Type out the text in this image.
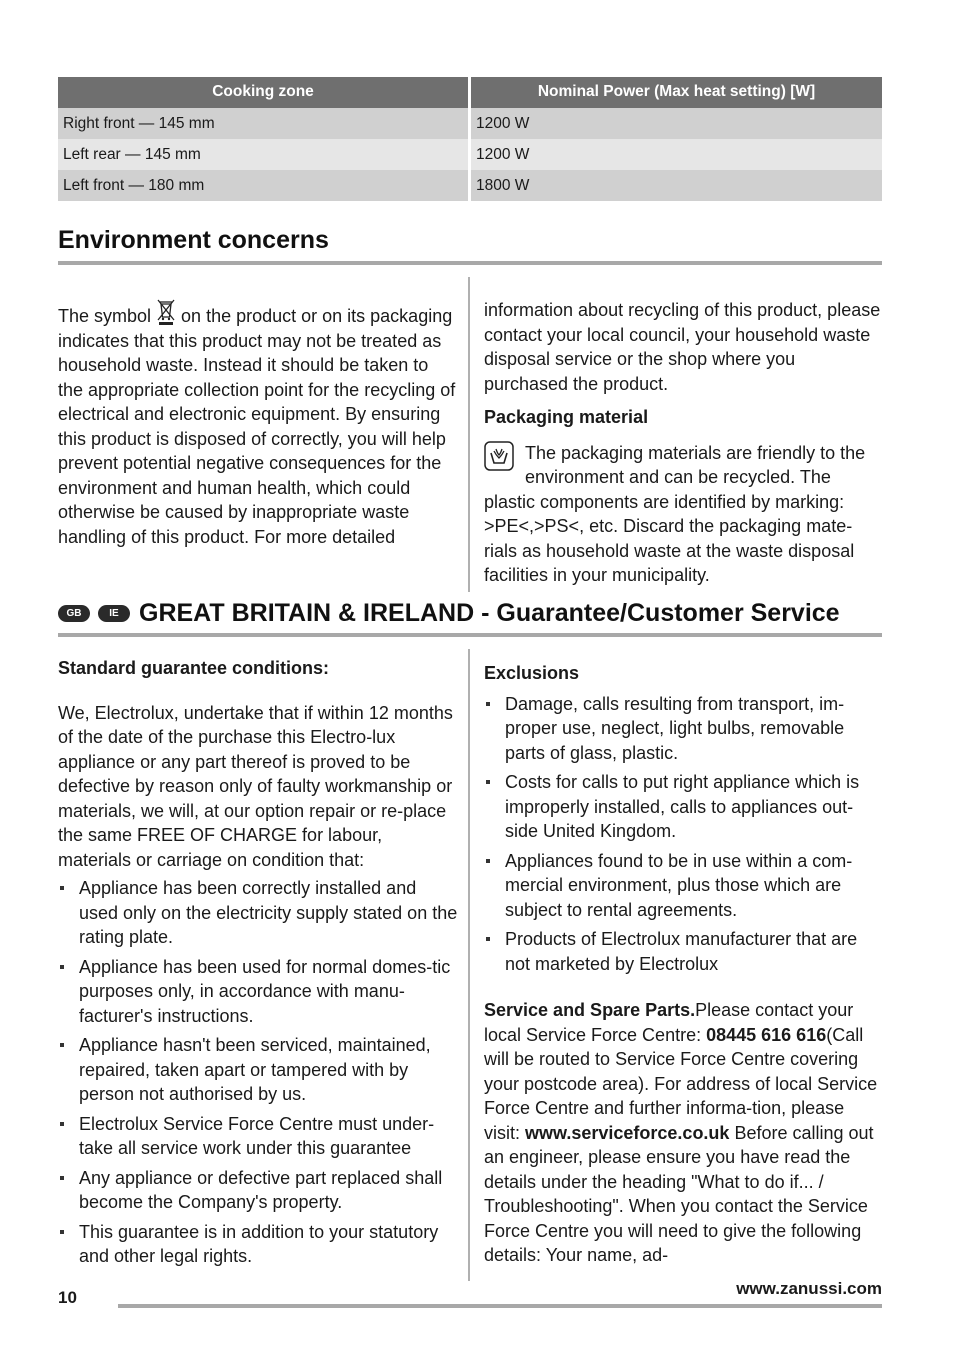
Cooking zone	Nominal Power (Max heat setting) [W]
Right front — 145 mm	1200 W
Left rear — 145 mm	1200 W
Left front — 180 mm	1800 W
Environment concerns

The symbol  on the product or on its packaging indicates that this product may not be treated as household waste. Instead it should be taken to the appropriate collection point for the recycling of electrical and electronic equipment. By ensuring this product is disposed of correctly, you will help prevent potential negative consequences for the environment and human health, which could otherwise be caused by inappropriate waste handling of this product. For more detailed

information about recycling of this product, please contact your local council, your household waste disposal service or the shop where you purchased the product.

Packaging material

The packaging materials are friendly to the environment and can be recycled. The plastic components are identified by marking: >PE<,>PS<, etc. Discard the packaging mate-rials as household waste at the waste disposal facilities in your municipality.

GB	IE GREAT BRITAIN & IRELAND - Guarantee/Customer Service

Standard guarantee conditions:

We, Electrolux, undertake that if within 12 months of the date of the purchase this Electro-lux appliance or any part thereof is proved to be defective by reason only of faulty workmanship or materials, we will, at our option repair or re-place the same FREE OF CHARGE for labour, materials or carriage on condition that:

Appliance has been correctly installed and used only on the electricity supply stated on the rating plate.
Appliance has been used for normal domes-tic purposes only, in accordance with manu-facturer's instructions.
Appliance hasn't been serviced, maintained, repaired, taken apart or tampered with by person not authorised by us.
Electrolux Service Force Centre must under-take all service work under this guarantee
Any appliance or defective part replaced shall become the Company's property.
This guarantee is in addition to your statutory and other legal rights.

Exclusions

Damage, calls resulting from transport, im-proper use, neglect, light bulbs, removable parts of glass, plastic.
Costs for calls to put right appliance which is improperly installed, calls to appliances out-side United Kingdom.
Appliances found to be in use within a com-mercial environment, plus those which are subject to rental agreements.
Products of Electrolux manufacturer that are not marketed by Electrolux

Service and Spare Parts.Please contact your local Service Force Centre: 08445 616 616(Call will be routed to Service Force Centre covering your postcode area). For address of local Service Force Centre and further informa-tion, please visit: www.serviceforce.co.uk Before calling out an engineer, please ensure you have read the details under the heading "What to do if... / Troubleshooting". When you contact the Service Force Centre you will need to give the following details: Your name, ad-

10	www.zanussi.com
